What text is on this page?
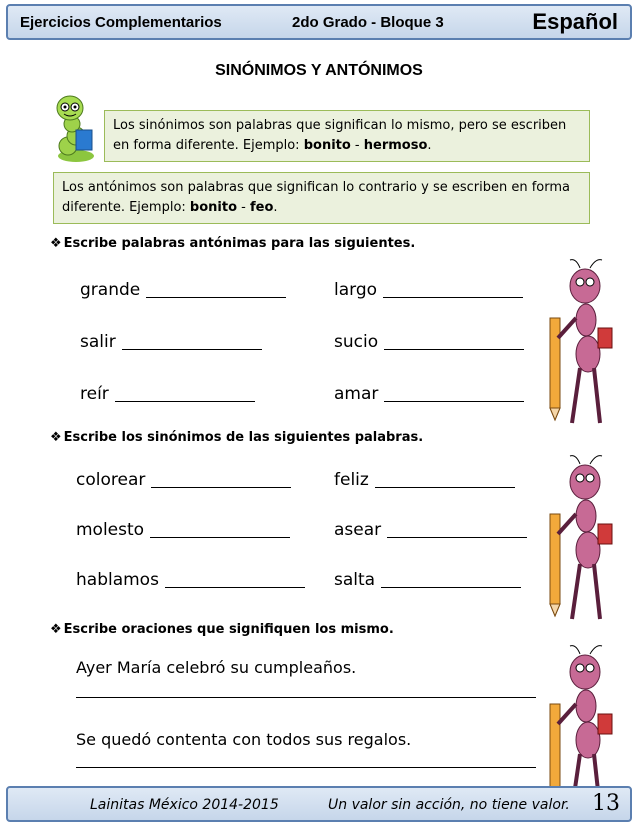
Ejercicios Complementarios	2do Grado - Bloque 3	Español
SINÓNIMOS Y ANTÓNIMOS
Los sinónimos son palabras que significan lo mismo, pero se escriben en forma diferente. Ejemplo: bonito - hermoso.
Los antónimos son palabras que significan lo contrario y se escriben en forma diferente. Ejemplo: bonito - feo.
❖ Escribe palabras antónimas para las siguientes.
grande	largo
salir	sucio
reír	amar
❖ Escribe los sinónimos de las siguientes palabras.
colorear	feliz
molesto	asear
hablamos	salta
❖ Escribe oraciones que signifiquen los mismo.
Ayer María celebró su cumpleaños.
Se quedó contenta con todos sus regalos.
Lainitas México 2014-2015	Un valor sin acción, no tiene valor. 13
